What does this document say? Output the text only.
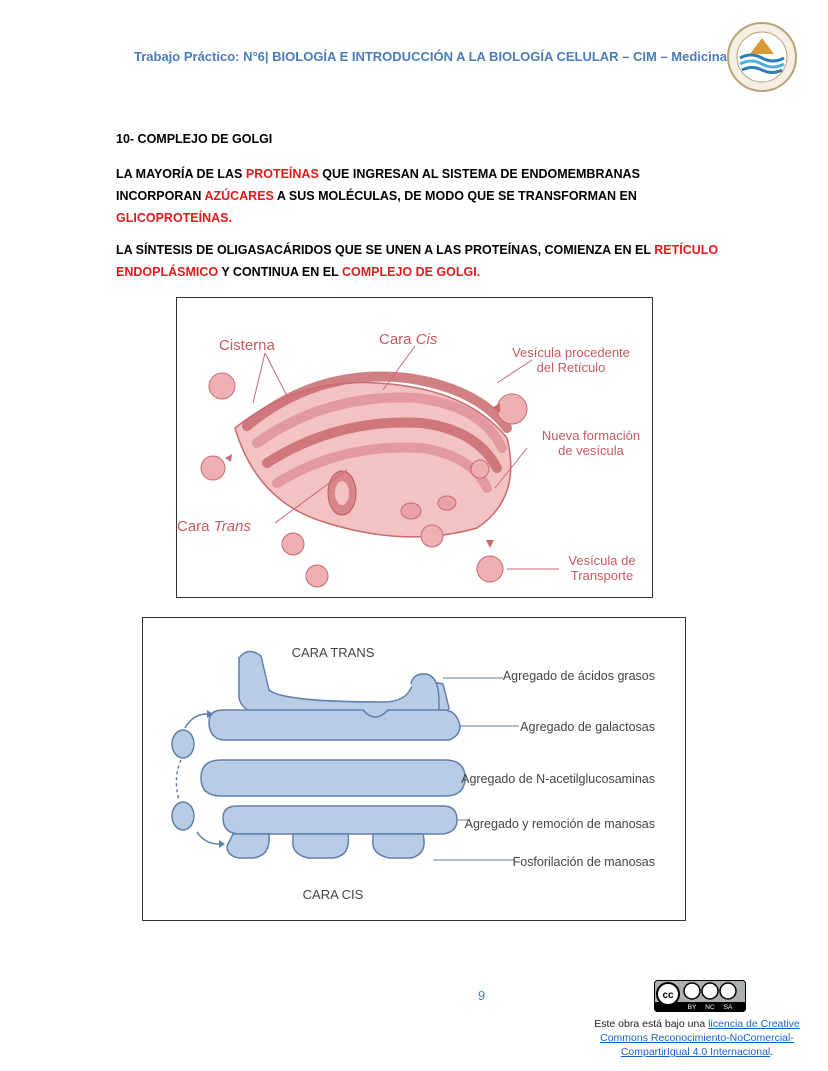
Trabajo Práctico: N°6| BIOLOGÍA E INTRODUCCIÓN A LA BIOLOGÍA CELULAR – CIM – Medicina
10- COMPLEJO DE GOLGI
LA MAYORÍA DE LAS PROTEÍNAS QUE INGRESAN AL SISTEMA DE ENDOMEMBRANAS
INCORPORAN AZÚCARES A SUS MOLÉCULAS, DE MODO QUE SE TRANSFORMAN EN
GLICOPROTEÍNAS.
LA SÍNTESIS DE OLIGASACÁRIDOS QUE SE UNEN A LAS PROTEÍNAS, COMIENZA EN EL RETÍCULO
ENDOPLÁSMICO Y CONTINUA EN EL COMPLEJO DE GOLGI.
Cisterna	Cara Cis
Vesícula procedente
del Retículo
Nueva formación
de vesícula
Cara Trans
Vesícula de
Transporte
CARA TRANS
CARA CIS
Agregado de ácidos grasos
Agregado de galactosas
Agregado de N-acetilglucosaminas
Agregado y remoción de manosas
Fosforilación de manosas
9	cc
BY NC SA
Este obra está bajo una licencia de Creative Commons Reconocimiento-NoComercial-CompartirIgual 4.0 Internacional.
